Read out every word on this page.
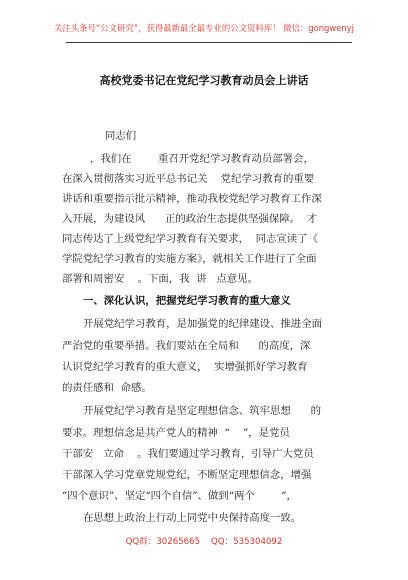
关注头条号“公文研究”，获得最新最全最专业的公文资料库！ 微信：gongwenyj
高校党委书记在党纪学习教育动员会上讲话
同志们
，我们在        重召开党纪学习教育动员部署会，
在深入贯彻落实习近平总书记关    党纪学习教育的重要
讲话和重要指示批示精神，推动我校党纪学习教育工作深
入开展，为建设风      正的政治生态提供坚强保障。  才
同志传达了上级党纪学习教育有关要求，  同志宣读了《
学院党纪学习教育的实施方案》，就相关工作进行了全面
部署和周密安    。下面，我  讲   点意见。
一、深化认识，把握党纪学习教育的重大意义
开展党纪学习教育，是加强党的纪律建设、推进全面
严治党的重要举措。我们要站在全局和      的高度，深
认识党纪学习教育的重大意义，  实增强抓好学习教育
的责任感和  命感。
开展党纪学习教育是坚定理想信念、筑牢思想      的
要求。理想信念是共产党人的精神  “    ”，是党员
干部安   立命    。我们要通过学习教育，引导广大党员
干部深入学习党章党规党纪，不断坚定理想信念，增强
“四个意识”、坚定“四个自信”、做到“两个        ”，
在思想上政治上行动上同党中央保持高度一致。
QQ群：30265665 QQ：535304092
